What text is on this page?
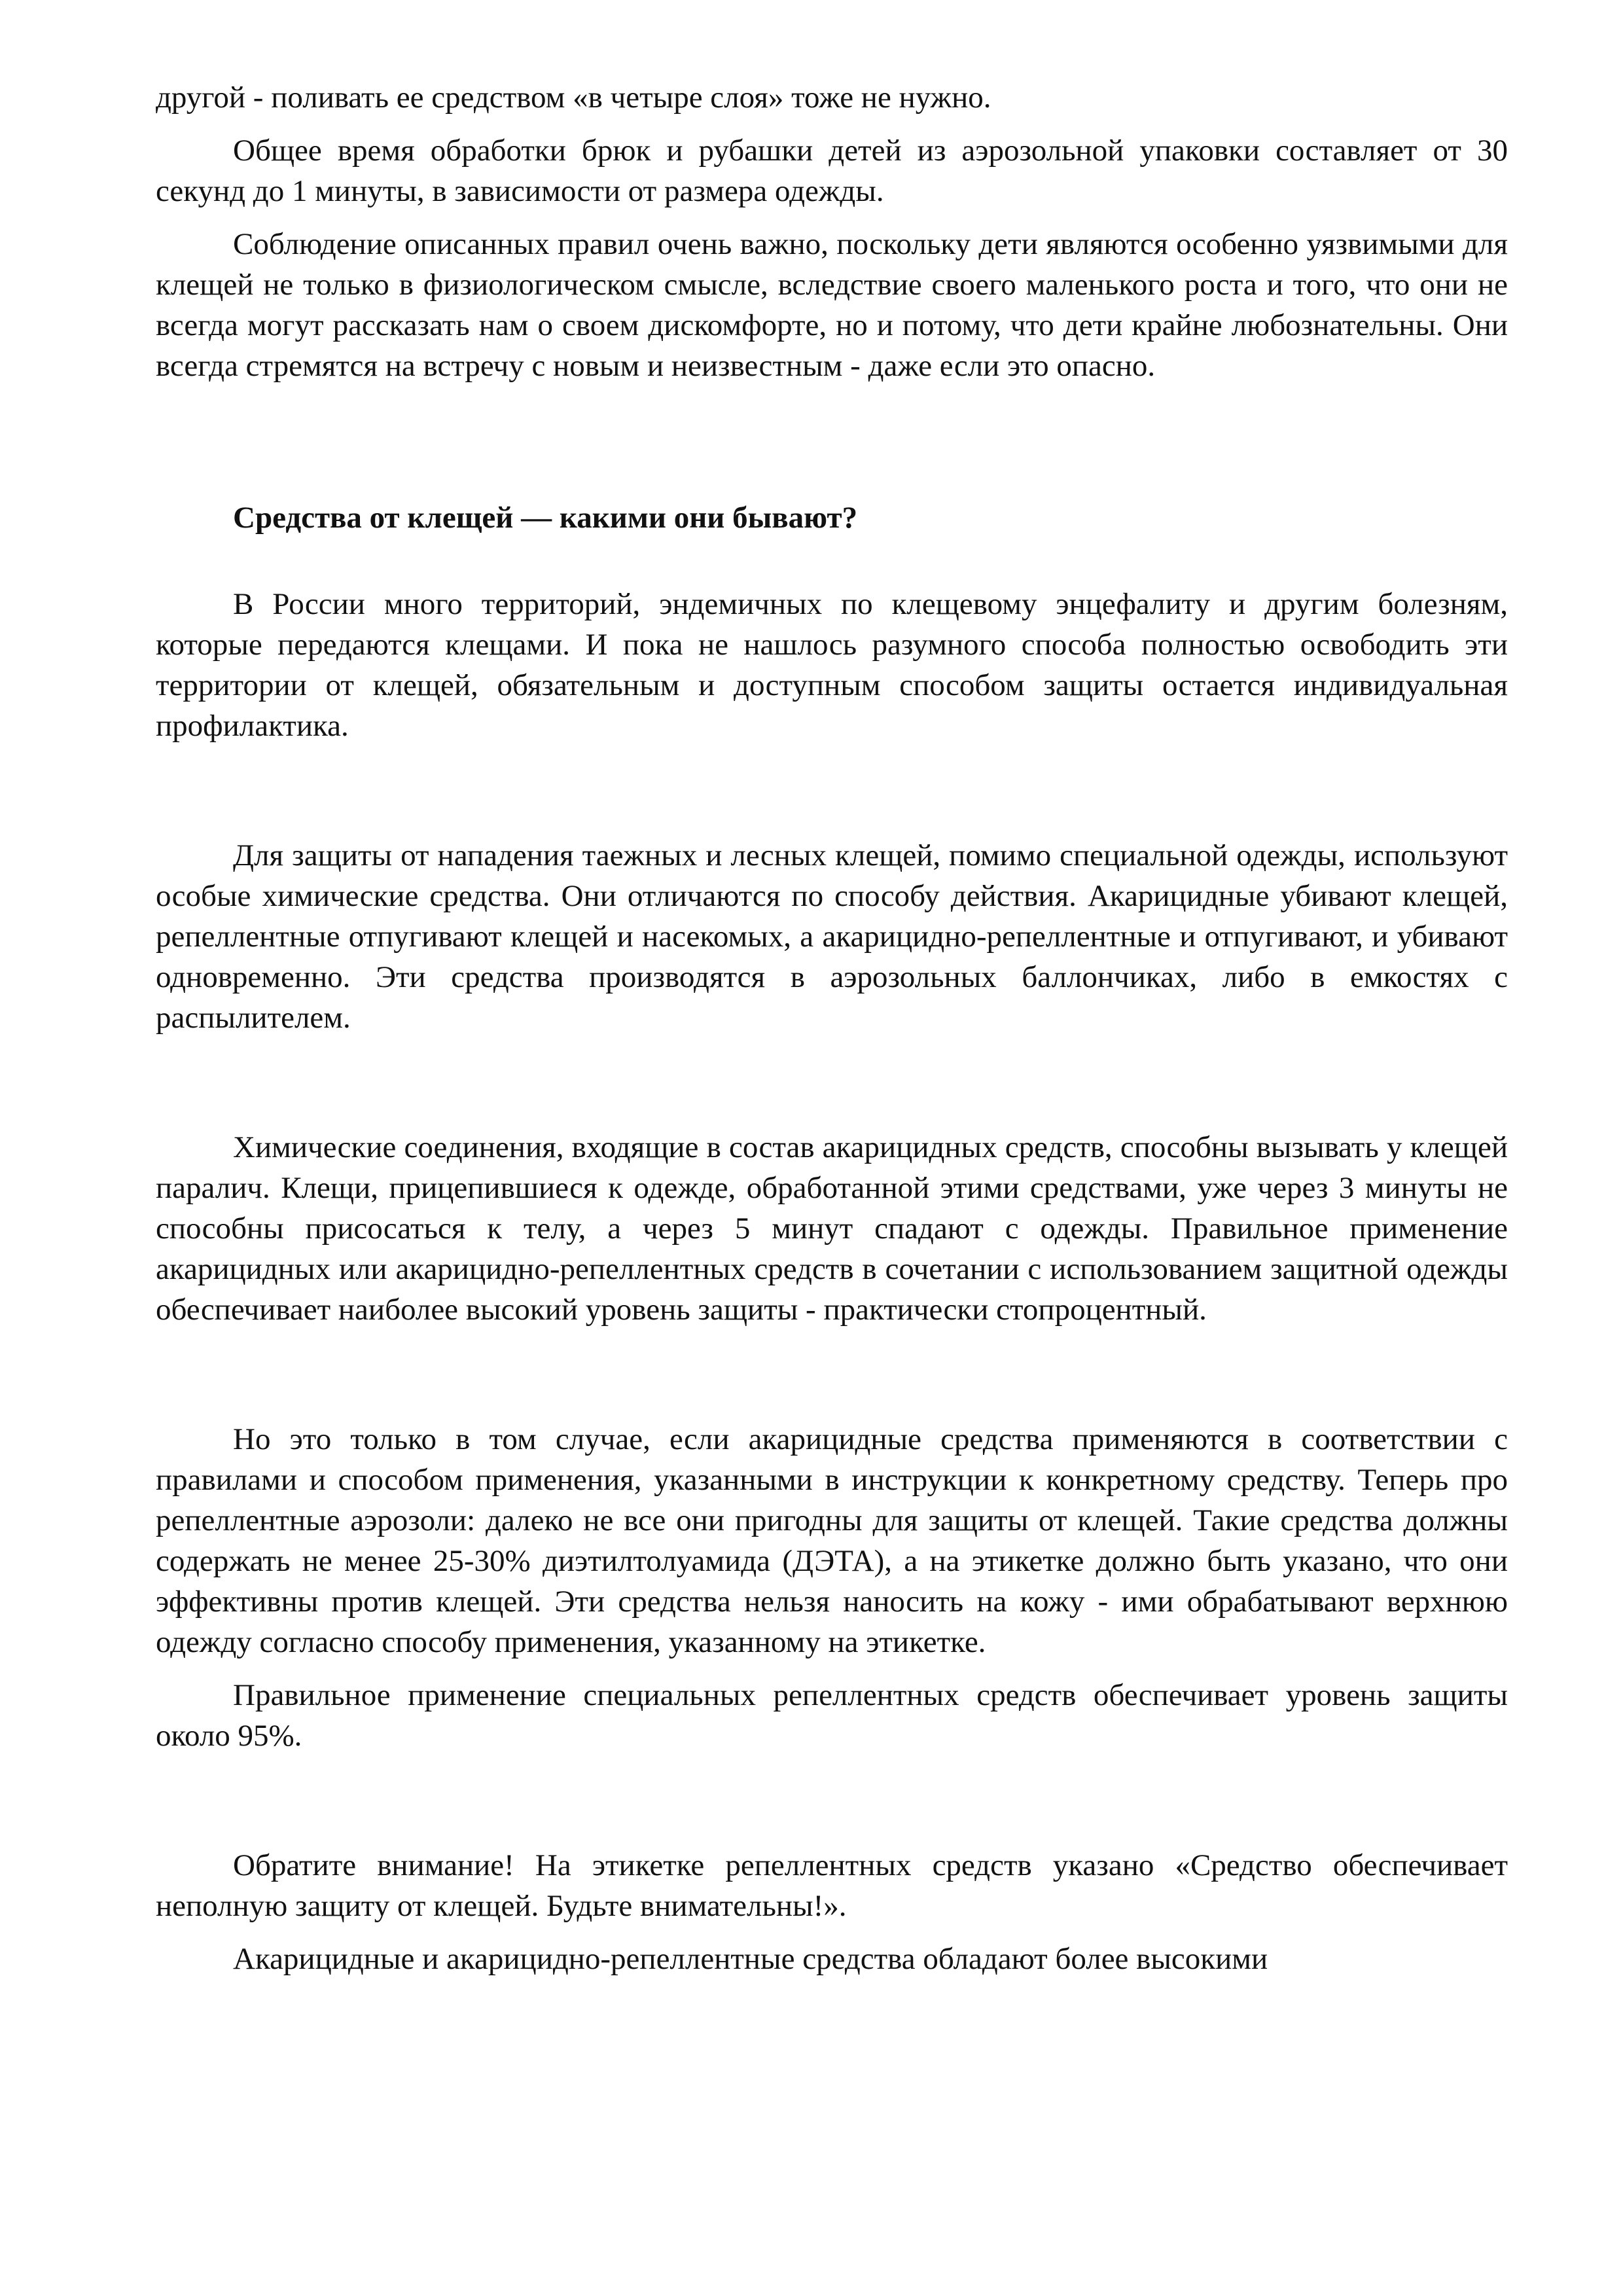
другой - поливать ее средством «в четыре слоя» тоже не нужно.

Общее время обработки брюк и рубашки детей из аэрозольной упаковки составляет от 30 секунд до 1 минуты, в зависимости от размера одежды.

Соблюдение описанных правил очень важно, поскольку дети являются особенно уязвимыми для клещей не только в физиологическом смысле, вследствие своего маленького роста и того, что они не всегда могут рассказать нам о своем дискомфорте, но и потому, что дети крайне любознательны. Они всегда стремятся на встречу с новым и неизвестным - даже если это опасно.

Средства от клещей — какими они бывают?

В России много территорий, эндемичных по клещевому энцефалиту и другим болезням, которые передаются клещами. И пока не нашлось разумного способа полностью освободить эти территории от клещей, обязательным и доступным способом защиты остается индивидуальная профилактика.

Для защиты от нападения таежных и лесных клещей, помимо специальной одежды, используют особые химические средства. Они отличаются по способу действия. Акарицидные убивают клещей, репеллентные отпугивают клещей и насекомых, а акарицидно-репеллентные и отпугивают, и убивают одновременно. Эти средства производятся в аэрозольных баллончиках, либо в емкостях с распылителем.

Химические соединения, входящие в состав акарицидных средств, способны вызывать у клещей паралич. Клещи, прицепившиеся к одежде, обработанной этими средствами, уже через 3 минуты не способны присосаться к телу, а через 5 минут спадают с одежды. Правильное применение акарицидных или акарицидно-репеллентных средств в сочетании с использованием защитной одежды обеспечивает наиболее высокий уровень защиты - практически стопроцентный.

Но это только в том случае, если акарицидные средства применяются в соответствии с правилами и способом применения, указанными в инструкции к конкретному средству. Теперь про репеллентные аэрозоли: далеко не все они пригодны для защиты от клещей. Такие средства должны содержать не менее 25-30% диэтилтолуамида (ДЭТА), а на этикетке должно быть указано, что они эффективны против клещей. Эти средства нельзя наносить на кожу - ими обрабатывают верхнюю одежду согласно способу применения, указанному на этикетке.

Правильное применение специальных репеллентных средств обеспечивает уровень защиты около 95%.

Обратите внимание! На этикетке репеллентных средств указано «Средство обеспечивает неполную защиту от клещей. Будьте внимательны!».

Акарицидные и акарицидно-репеллентные средства обладают более высокими
